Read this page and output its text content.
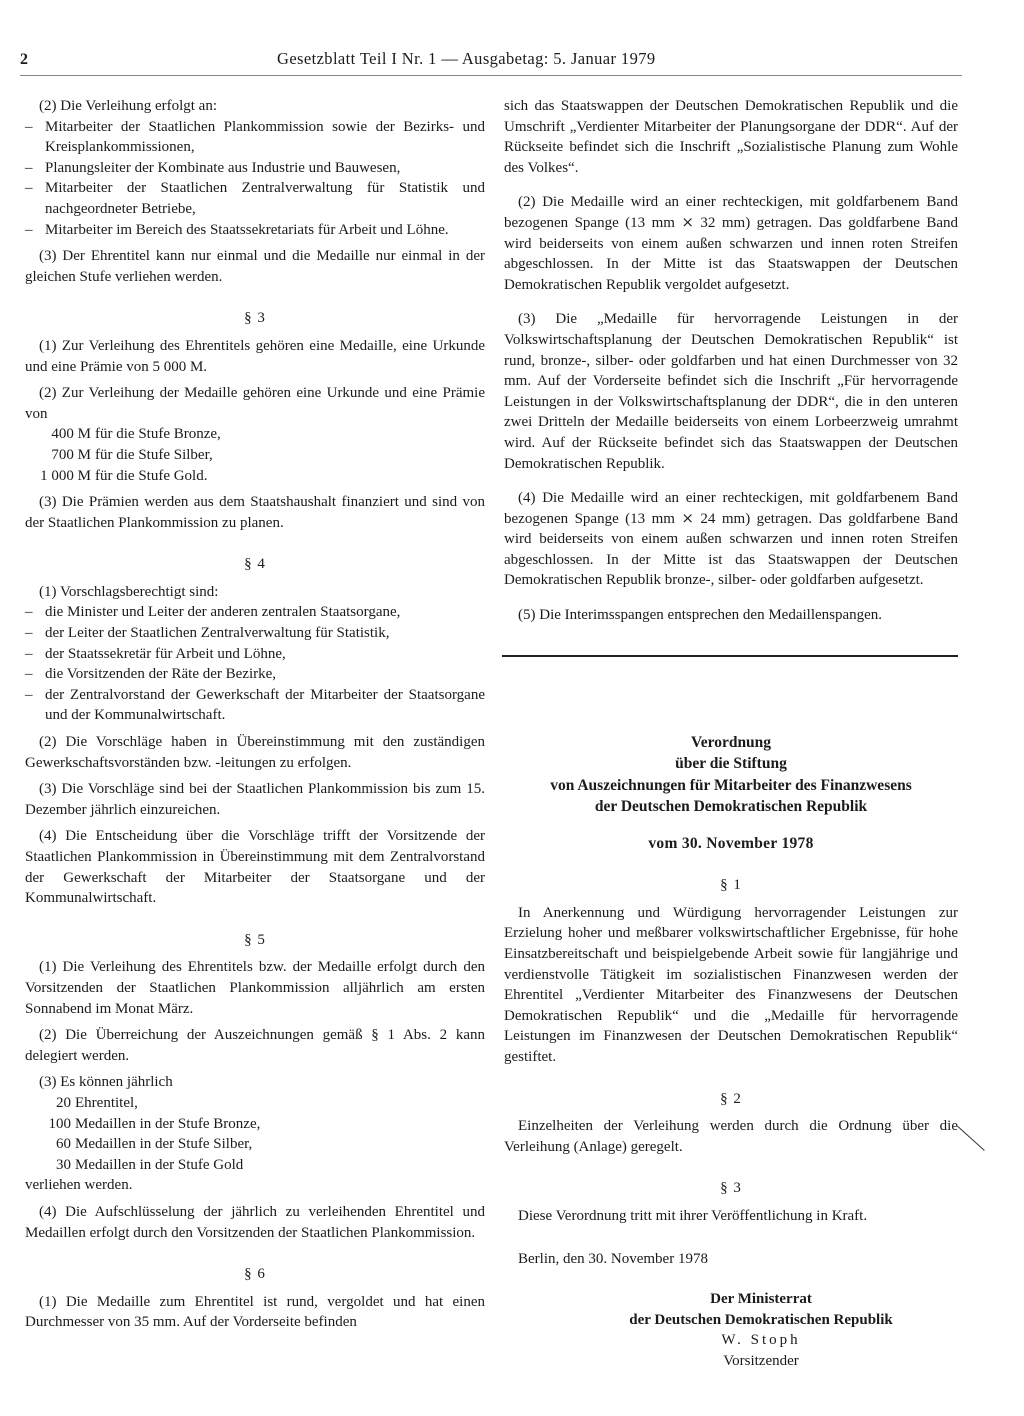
2	Gesetzblatt Teil I Nr. 1 — Ausgabetag: 5. Januar 1979

(2) Die Verleihung erfolgt an:

– Mitarbeiter der Staatlichen Plankommission sowie der Bezirks- und Kreisplankommissionen,
– Planungsleiter der Kombinate aus Industrie und Bauwesen,
– Mitarbeiter der Staatlichen Zentralverwaltung für Statistik und nachgeordneter Betriebe,
– Mitarbeiter im Bereich des Staatssekretariats für Arbeit und Löhne.

(3) Der Ehrentitel kann nur einmal und die Medaille nur einmal in der gleichen Stufe verliehen werden.

§ 3

(1) Zur Verleihung des Ehrentitels gehören eine Medaille, eine Urkunde und eine Prämie von 5 000 M.

(2) Zur Verleihung der Medaille gehören eine Urkunde und eine Prämie von

400 M für die Stufe Bronze,
700 M für die Stufe Silber,
1 000 M für die Stufe Gold.

(3) Die Prämien werden aus dem Staatshaushalt finanziert und sind von der Staatlichen Plankommission zu planen.

§ 4

(1) Vorschlagsberechtigt sind:

– die Minister und Leiter der anderen zentralen Staatsorgane,
– der Leiter der Staatlichen Zentralverwaltung für Statistik,
– der Staatssekretär für Arbeit und Löhne,
– die Vorsitzenden der Räte der Bezirke,
– der Zentralvorstand der Gewerkschaft der Mitarbeiter der Staatsorgane und der Kommunalwirtschaft.

(2) Die Vorschläge haben in Übereinstimmung mit den zuständigen Gewerkschaftsvorständen bzw. -leitungen zu erfolgen.

(3) Die Vorschläge sind bei der Staatlichen Plankommission bis zum 15. Dezember jährlich einzureichen.

(4) Die Entscheidung über die Vorschläge trifft der Vorsitzende der Staatlichen Plankommission in Übereinstimmung mit dem Zentralvorstand der Gewerkschaft der Mitarbeiter der Staatsorgane und der Kommunalwirtschaft.

§ 5

(1) Die Verleihung des Ehrentitels bzw. der Medaille erfolgt durch den Vorsitzenden der Staatlichen Plankommission alljährlich am ersten Sonnabend im Monat März.

(2) Die Überreichung der Auszeichnungen gemäß § 1 Abs. 2 kann delegiert werden.

(3) Es können jährlich

20 Ehrentitel,
100 Medaillen in der Stufe Bronze,
60 Medaillen in der Stufe Silber,
30 Medaillen in der Stufe Gold

verliehen werden.

(4) Die Aufschlüsselung der jährlich zu verleihenden Ehrentitel und Medaillen erfolgt durch den Vorsitzenden der Staatlichen Plankommission.

§ 6

(1) Die Medaille zum Ehrentitel ist rund, vergoldet und hat einen Durchmesser von 35 mm. Auf der Vorderseite befinden

sich das Staatswappen der Deutschen Demokratischen Republik und die Umschrift „Verdienter Mitarbeiter der Planungsorgane der DDR“. Auf der Rückseite befindet sich die Inschrift „Sozialistische Planung zum Wohle des Volkes“.

(2) Die Medaille wird an einer rechteckigen, mit goldfarbenem Band bezogenen Spange (13 mm ⨯ 32 mm) getragen. Das goldfarbene Band wird beiderseits von einem außen schwarzen und innen roten Streifen abgeschlossen. In der Mitte ist das Staatswappen der Deutschen Demokratischen Republik vergoldet aufgesetzt.

(3) Die „Medaille für hervorragende Leistungen in der Volkswirtschaftsplanung der Deutschen Demokratischen Republik“ ist rund, bronze-, silber- oder goldfarben und hat einen Durchmesser von 32 mm. Auf der Vorderseite befindet sich die Inschrift „Für hervorragende Leistungen in der Volkswirtschaftsplanung der DDR“, die in den unteren zwei Dritteln der Medaille beiderseits von einem Lorbeerzweig umrahmt wird. Auf der Rückseite befindet sich das Staatswappen der Deutschen Demokratischen Republik.

(4) Die Medaille wird an einer rechteckigen, mit goldfarbenem Band bezogenen Spange (13 mm ⨯ 24 mm) getragen. Das goldfarbene Band wird beiderseits von einem außen schwarzen und innen roten Streifen abgeschlossen. In der Mitte ist das Staatswappen der Deutschen Demokratischen Republik bronze-, silber- oder goldfarben aufgesetzt.

(5) Die Interimsspangen entsprechen den Medaillenspangen.

Verordnung

über die Stiftung

von Auszeichnungen für Mitarbeiter des Finanzwesens

der Deutschen Demokratischen Republik

vom 30. November 1978

§ 1

In Anerkennung und Würdigung hervorragender Leistungen zur Erzielung hoher und meßbarer volkswirtschaftlicher Ergebnisse, für hohe Einsatzbereitschaft und beispielgebende Arbeit sowie für langjährige und verdienstvolle Tätigkeit im sozialistischen Finanzwesen werden der Ehrentitel „Verdienter Mitarbeiter des Finanzwesens der Deutschen Demokratischen Republik“ und die „Medaille für hervorragende Leistungen im Finanzwesen der Deutschen Demokratischen Republik“ gestiftet.

§ 2

Einzelheiten der Verleihung werden durch die Ordnung über die Verleihung (Anlage) geregelt.

§ 3

Diese Verordnung tritt mit ihrer Veröffentlichung in Kraft.

Berlin, den 30. November 1978

Der Ministerrat

der Deutschen Demokratischen Republik

W. Stoph

Vorsitzender
